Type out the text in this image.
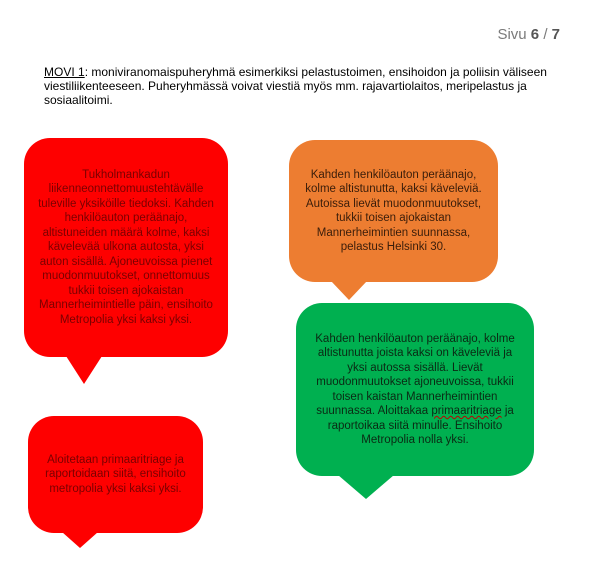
Sivu 6 / 7
MOVI 1: moniviranomaispuheryhmä esimerkiksi pelastustoimen, ensihoidon ja poliisin väliseen viestiliikenteeseen. Puheryhmässä voivat viestiä myös mm. rajavartiolaitos, meripelastus ja sosiaalitoimi.
Tukholmankadun liikenneonnettomuustehtävälle tuleville yksiköille tiedoksi. Kahden henkilöauton peräänajo, altistuneiden määrä kolme, kaksi kävelevää ulkona autosta, yksi auton sisällä. Ajoneuvoissa pienet muodonmuutokset, onnettomuus tukkii toisen ajokaistan Mannerheimintielle päin, ensihoito Metropolia yksi kaksi yksi.
Kahden henkilöauton peräänajo, kolme altistunutta, kaksi käveleviä. Autoissa lievät muodonmuutokset, tukkii toisen ajokaistan Mannerheimintien suunnassa, pelastus Helsinki 30.
Kahden henkilöauton peräänajo, kolme altistunutta joista kaksi on käveleviä ja yksi autossa sisällä. Lievät muodonmuutokset ajoneuvoissa, tukkii toisen kaistan Mannerheimintien suunnassa. Aloittakaa primaaritriage ja raportoikaa siitä minulle. Ensihoito Metropolia nolla yksi.
Aloitetaan primaaritriage ja raportoidaan siitä, ensihoito metropolia yksi kaksi yksi.
